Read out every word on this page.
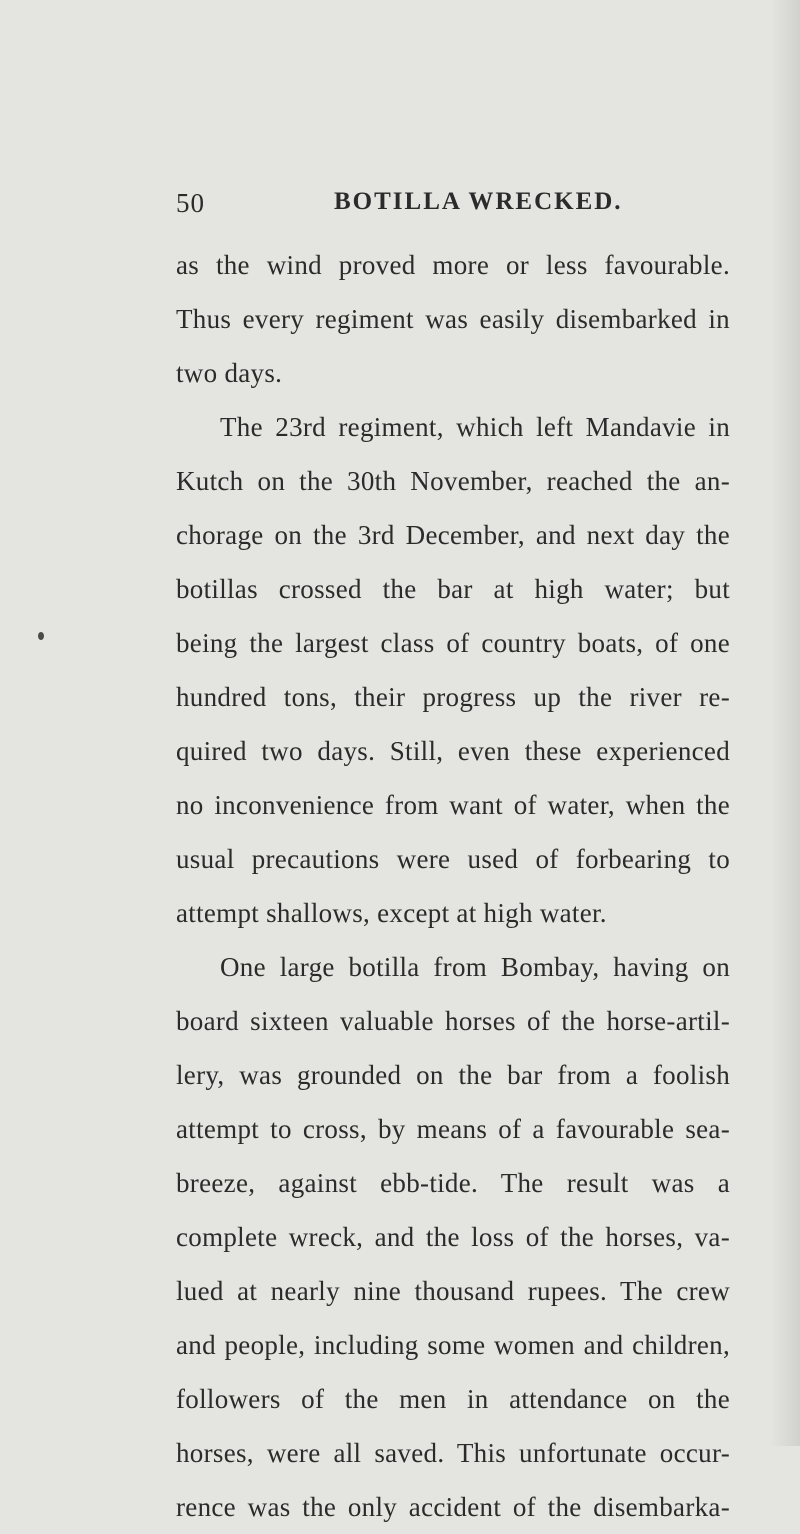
50	BOTILLA WRECKED.
as the wind proved more or less favourable.
Thus every regiment was easily disembarked in
two days.
The 23rd regiment, which left Mandavie in
Kutch on the 30th November, reached the an-
chorage on the 3rd December, and next day the
botillas crossed the bar at high water; but
being the largest class of country boats, of one
hundred tons, their progress up the river re-
quired two days. Still, even these experienced
no inconvenience from want of water, when the
usual precautions were used of forbearing to
attempt shallows, except at high water.
One large botilla from Bombay, having on
board sixteen valuable horses of the horse-artil-
lery, was grounded on the bar from a foolish
attempt to cross, by means of a favourable sea-
breeze, against ebb-tide. The result was a
complete wreck, and the loss of the horses, va-
lued at nearly nine thousand rupees. The crew
and people, including some women and children,
followers of the men in attendance on the
horses, were all saved. This unfortunate occur-
rence was the only accident of the disembarka-
